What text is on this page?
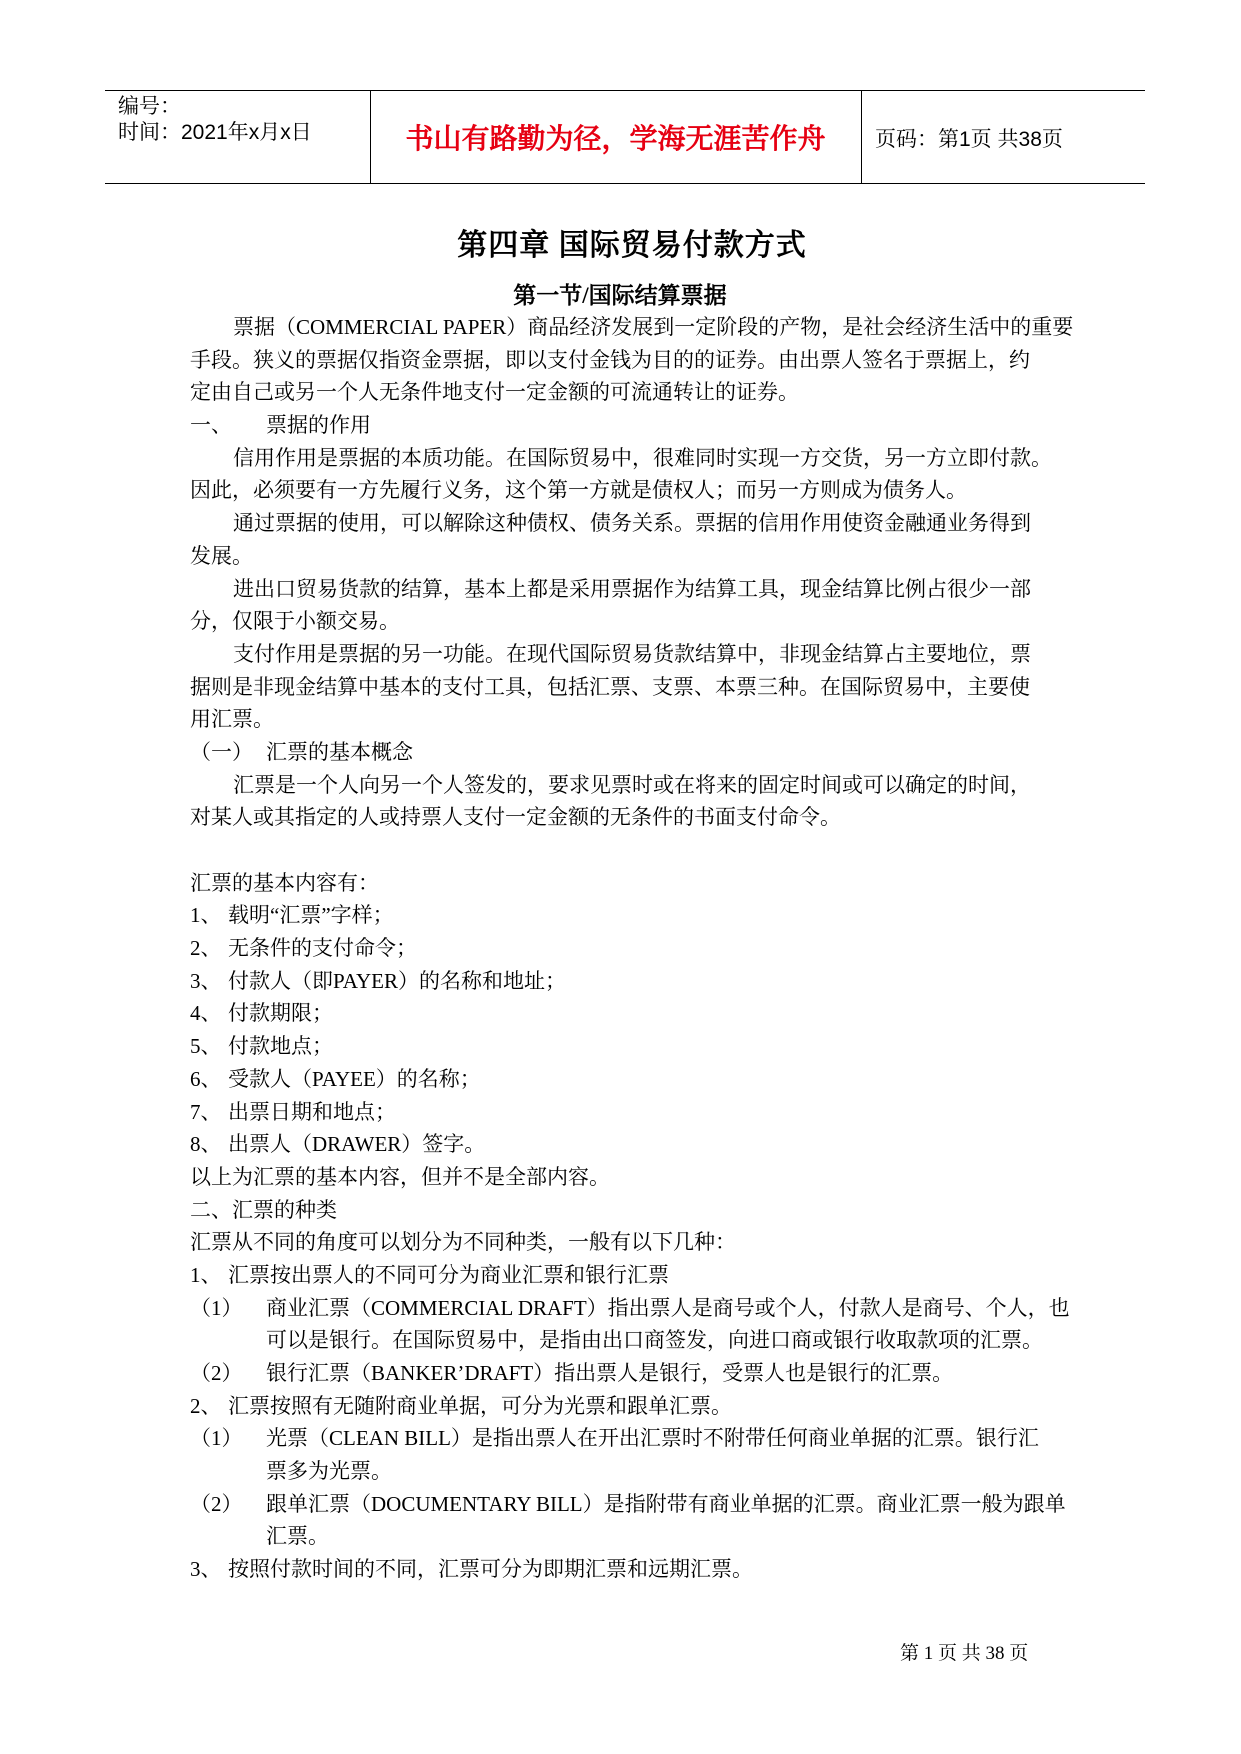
编号：
时间：2021年x月x日	书山有路勤为径，学海无涯苦作舟	页码：第1页 共38页
第四章 国际贸易付款方式
第一节/国际结算票据
票据（COMMERCIAL PAPER）商品经济发展到一定阶段的产物，是社会经济生活中的重要
手段。狭义的票据仅指资金票据，即以支付金钱为目的的证券。由出票人签名于票据上，约
定由自己或另一个人无条件地支付一定金额的可流通转让的证券。
一、 票据的作用
信用作用是票据的本质功能。在国际贸易中，很难同时实现一方交货，另一方立即付款。
因此，必须要有一方先履行义务，这个第一方就是债权人；而另一方则成为债务人。
通过票据的使用，可以解除这种债权、债务关系。票据的信用作用使资金融通业务得到
发展。
进出口贸易货款的结算，基本上都是采用票据作为结算工具，现金结算比例占很少一部
分，仅限于小额交易。
支付作用是票据的另一功能。在现代国际贸易货款结算中，非现金结算占主要地位，票
据则是非现金结算中基本的支付工具，包括汇票、支票、本票三种。在国际贸易中，主要使
用汇票。
（一） 汇票的基本概念
汇票是一个人向另一个人签发的，要求见票时或在将来的固定时间或可以确定的时间，
对某人或其指定的人或持票人支付一定金额的无条件的书面支付命令。
汇票的基本内容有：
1、 载明“汇票”字样；
2、 无条件的支付命令；
3、 付款人（即PAYER）的名称和地址；
4、 付款期限；
5、 付款地点；
6、 受款人（PAYEE）的名称；
7、 出票日期和地点；
8、 出票人（DRAWER）签字。
以上为汇票的基本内容，但并不是全部内容。
二、汇票的种类
汇票从不同的角度可以划分为不同种类，一般有以下几种：
1、 汇票按出票人的不同可分为商业汇票和银行汇票
（1） 商业汇票（COMMERCIAL DRAFT）指出票人是商号或个人，付款人是商号、个人，也
可以是银行。在国际贸易中，是指由出口商签发，向进口商或银行收取款项的汇票。
（2） 银行汇票（BANKER’DRAFT）指出票人是银行，受票人也是银行的汇票。
2、 汇票按照有无随附商业单据，可分为光票和跟单汇票。
（1） 光票（CLEAN BILL）是指出票人在开出汇票时不附带任何商业单据的汇票。银行汇
票多为光票。
（2） 跟单汇票（DOCUMENTARY BILL）是指附带有商业单据的汇票。商业汇票一般为跟单
汇票。
3、 按照付款时间的不同，汇票可分为即期汇票和远期汇票。
第 1 页 共 38 页
